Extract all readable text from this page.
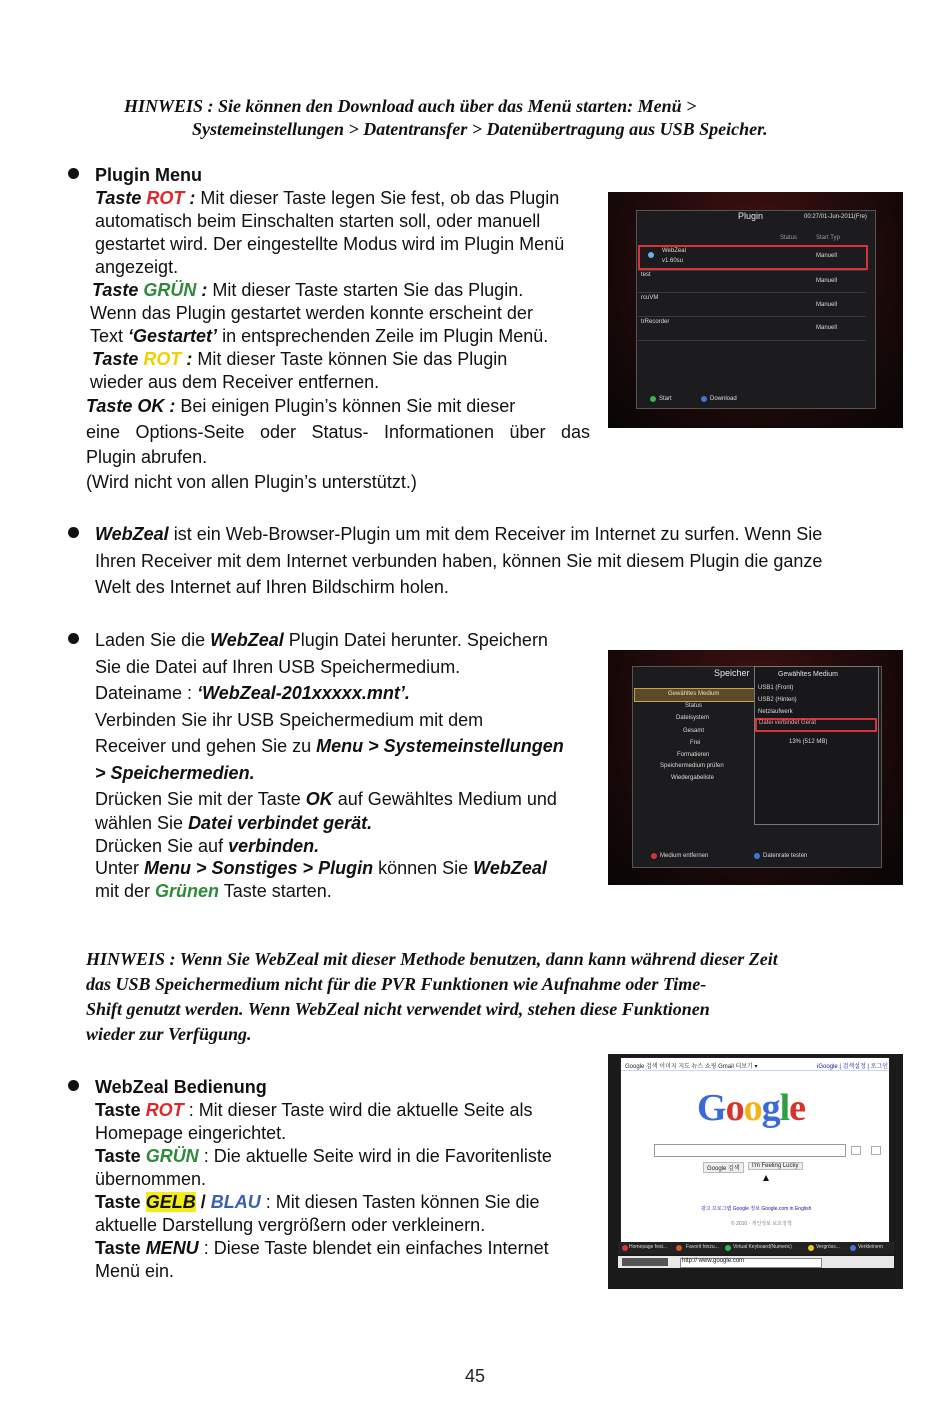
HINWEIS : Sie können den Download auch über das Menü starten: Menü >
Systemeinstellungen > Datentransfer > Datenübertragung aus USB Speicher.
Plugin Menu
Taste ROT : Mit dieser Taste legen Sie fest, ob das Plugin
automatisch beim Einschalten starten soll, oder manuell
gestartet wird. Der eingestellte Modus wird im Plugin Menü
angezeigt.
Taste GRÜN : Mit dieser Taste starten Sie das Plugin.
Wenn das Plugin gestartet werden konnte erscheint der
Text ‘Gestartet’ in entsprechenden Zeile im Plugin Menü.
Taste ROT : Mit dieser Taste können Sie das Plugin
wieder aus dem Receiver entfernen.
Taste OK : Bei einigen Plugin’s können Sie mit dieser
eine Options-Seite oder Status- Informationen über das
Plugin abrufen.
(Wird nicht von allen Plugin’s unterstützt.)
Plugin	00:27/01-Jun-2011(Fre)
Status	Start Typ
WebZeal
v1.60su
Manuell
test
Manuell
rcuVM
Manuell
trRecorder
Manuell
Start	Download
WebZeal ist ein Web-Browser-Plugin um mit dem Receiver im Internet zu surfen. Wenn Sie
Ihren Receiver mit dem Internet verbunden haben, können Sie mit diesem Plugin die ganze
Welt des Internet auf Ihren Bildschirm holen.
Laden Sie die WebZeal Plugin Datei herunter. Speichern
Sie die Datei auf Ihren USB Speichermedium.
Dateiname : ‘WebZeal-201xxxxx.mnt’.
Verbinden Sie ihr USB Speichermedium mit dem
Receiver und gehen Sie zu Menu > Systemeinstellungen
> Speichermedien.
Drücken Sie mit der Taste OK auf Gewähltes Medium und
wählen Sie Datei verbindet gerät.
Drücken Sie auf verbinden.
Unter Menu > Sonstiges > Plugin können Sie WebZeal
mit der Grünen Taste starten.
Speicher
Gewähltes Medium
Status
Dateisystem
Gesamt
Frei
Formatieren
Speichermedium prüfen
Wiedergabeliste
Gewähltes Medium
USB1 (Front)
USB2 (Hinten)
Netzlaufwerk
Datei verbindet Gerät
13% (512 MB)
Medium entfernen	Datenrate testen
HINWEIS : Wenn Sie WebZeal mit dieser Methode benutzen, dann kann während dieser Zeit
das USB Speichermedium nicht für die PVR Funktionen wie Aufnahme oder Time-
Shift genutzt werden. Wenn WebZeal nicht verwendet wird, stehen diese Funktionen
wieder zur Verfügung.
WebZeal Bedienung
Taste ROT : Mit dieser Taste wird die aktuelle Seite als
Homepage eingerichtet.
Taste GRÜN : Die aktuelle Seite wird in die Favoritenliste
übernommen.
Taste GELB / BLAU : Mit diesen Tasten können Sie die
aktuelle Darstellung vergrößern oder verkleinern.
Taste MENU : Diese Taste blendet ein einfaches Internet
Menü ein.
Google 검색 이미지 지도 뉴스 쇼핑 Gmail 더보기 ▾	iGoogle | 검색설정 | 로그인
Google
Google 검색	I'm Feeling Lucky
광고 프로그램 Google 정보 Google.com in English
© 2010 · 개인정보 보호정책
Homepage fest...	Favorit hinzu...	Virtual Keyboard(Numeric)	Vergröss...	Verkleinern
http:// www.google.com
45
